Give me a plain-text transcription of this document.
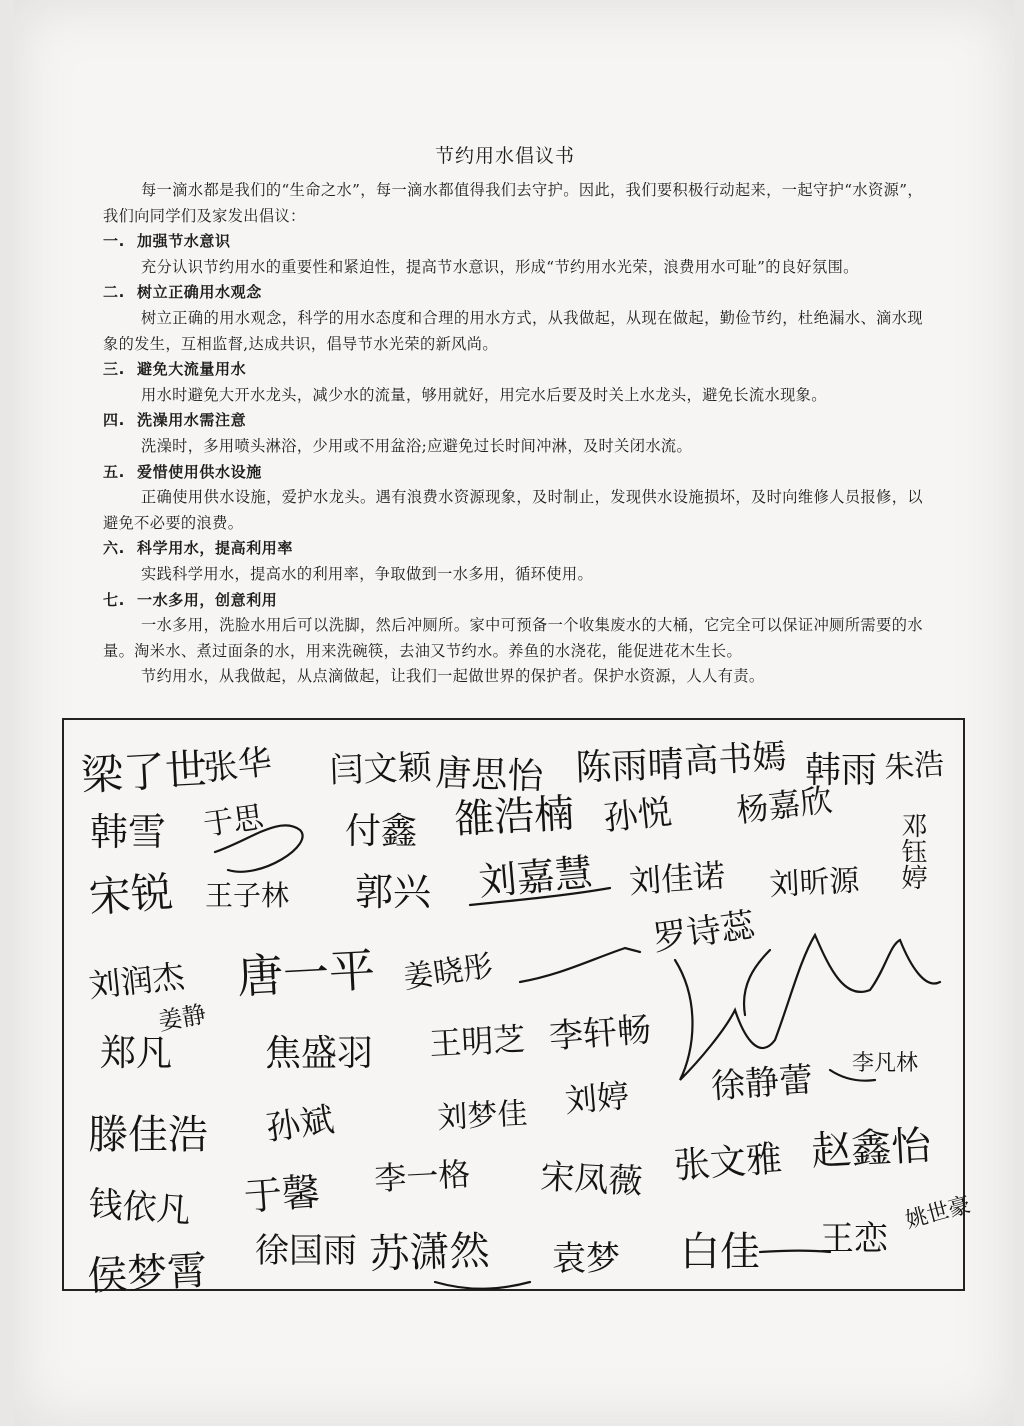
节约用水倡议书

每一滴水都是我们的“生命之水”，每一滴水都值得我们去守护。因此，我们要积极行动起来，一起守护“水资源”，我们向同学们及家发出倡议：

一. 加强节水意识

充分认识节约用水的重要性和紧迫性，提高节水意识，形成“节约用水光荣，浪费用水可耻”的良好氛围。

二. 树立正确用水观念

树立正确的用水观念，科学的用水态度和合理的用水方式，从我做起，从现在做起，勤俭节约，杜绝漏水、滴水现象的发生，互相监督,达成共识，倡导节水光荣的新风尚。

三. 避免大流量用水

用水时避免大开水龙头，减少水的流量，够用就好，用完水后要及时关上水龙头，避免长流水现象。

四. 洗澡用水需注意

洗澡时，多用喷头淋浴，少用或不用盆浴;应避免过长时间冲淋，及时关闭水流。

五. 爱惜使用供水设施

正确使用供水设施，爱护水龙头。遇有浪费水资源现象，及时制止，发现供水设施损坏，及时向维修人员报修，以避免不必要的浪费。

六. 科学用水，提高利用率

实践科学用水，提高水的利用率，争取做到一水多用，循环使用。

七. 一水多用，创意利用

一水多用，洗脸水用后可以洗脚，然后冲厕所。家中可预备一个收集废水的大桶，它完全可以保证冲厕所需要的水量。淘米水、煮过面条的水，用来洗碗筷，去油又节约水。养鱼的水浇花，能促进花木生长。

节约用水，从我做起，从点滴做起，让我们一起做世界的保护者。保护水资源，人人有责。

梁了世
张华 闫文颖 唐思怡 陈雨晴 高书嫣 韩雨 朱浩
韩雪 于思 付鑫 雒浩楠 孙悦 杨嘉欣
邓钰婷
宋锐 王子林 郭兴 刘嘉慧 刘佳诺 刘昕源
刘润杰 唐一平 姜晓彤
罗诗蕊
郑凡
姜静
焦盛羽 王明芝 李轩畅
徐静蕾 李凡林
滕佳浩 孙斌	刘梦佳 刘婷
钱依凡 于馨 李一格 宋凤薇 张文雅 赵鑫怡
侯梦霄 徐国雨 苏潇然 袁梦 白佳 王恋
姚世豪
